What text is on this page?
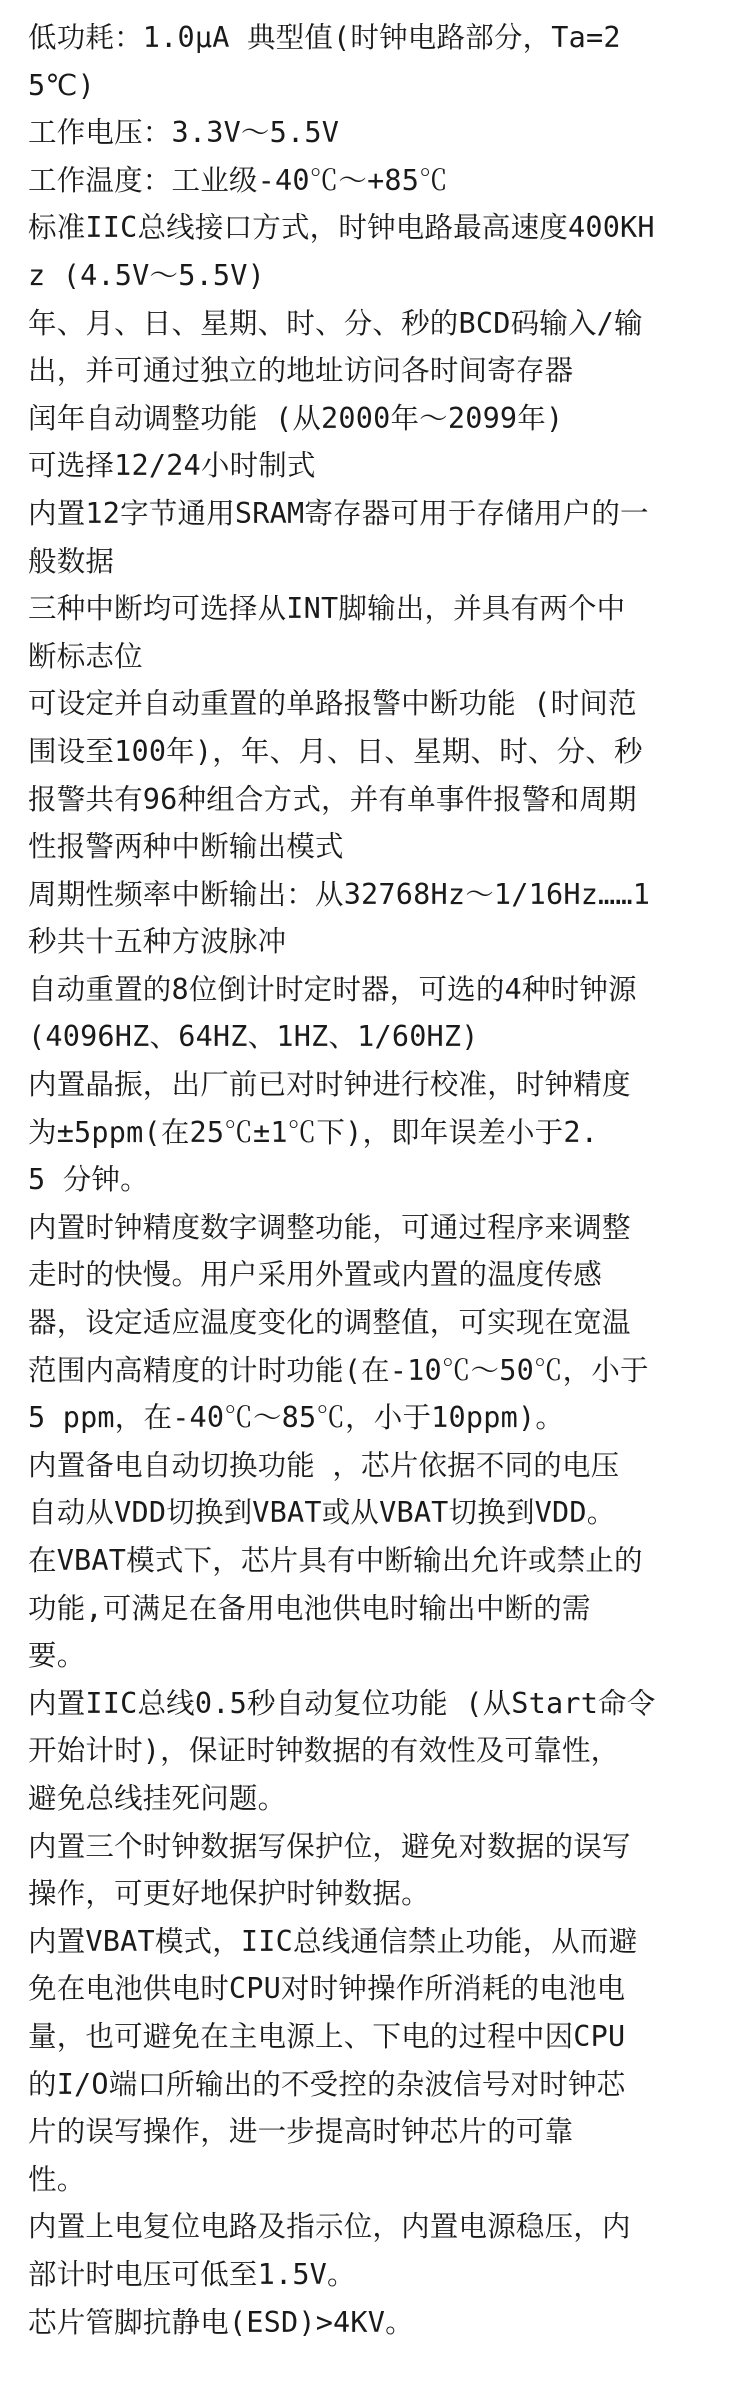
低功耗：1.0μA 典型值(时钟电路部分，Ta=2
5℃)

工作电压：3.3V～5.5V

工作温度：工业级-40℃～+85℃

标准IIC总线接口方式，时钟电路最高速度400KH
z (4.5V～5.5V)

年、月、日、星期、时、分、秒的BCD码输入/输
出，并可通过独立的地址访问各时间寄存器

闰年自动调整功能 (从2000年～2099年)

可选择12/24小时制式

内置12字节通用SRAM寄存器可用于存储用户的一
般数据

三种中断均可选择从INT脚输出，并具有两个中
断标志位

可设定并自动重置的单路报警中断功能 (时间范
围设至100年)，年、月、日、星期、时、分、秒
报警共有96种组合方式，并有单事件报警和周期
性报警两种中断输出模式

周期性频率中断输出：从32768Hz～1/16Hz……1
秒共十五种方波脉冲

自动重置的8位倒计时定时器，可选的4种时钟源
(4096HZ、64HZ、1HZ、1/60HZ)

内置晶振，出厂前已对时钟进行校准，时钟精度
为±5ppm(在25℃±1℃下)，即年误差小于2.
5 分钟。

内置时钟精度数字调整功能，可通过程序来调整
走时的快慢。用户采用外置或内置的温度传感
器，设定适应温度变化的调整值，可实现在宽温
范围内高精度的计时功能(在-10℃～50℃，小于
5 ppm，在-40℃～85℃，小于10ppm)。

内置备电自动切换功能 ，芯片依据不同的电压
自动从VDD切换到VBAT或从VBAT切换到VDD。

在VBAT模式下，芯片具有中断输出允许或禁止的
功能,可满足在备用电池供电时输出中断的需
要。

内置IIC总线0.5秒自动复位功能 (从Start命令
开始计时)，保证时钟数据的有效性及可靠性，
避免总线挂死问题。

内置三个时钟数据写保护位，避免对数据的误写
操作，可更好地保护时钟数据。

内置VBAT模式，IIC总线通信禁止功能，从而避
免在电池供电时CPU对时钟操作所消耗的电池电
量，也可避免在主电源上、下电的过程中因CPU
的I/O端口所输出的不受控的杂波信号对时钟芯
片的误写操作，进一步提高时钟芯片的可靠
性。

内置上电复位电路及指示位，内置电源稳压，内
部计时电压可低至1.5V。

芯片管脚抗静电(ESD)>4KV。
